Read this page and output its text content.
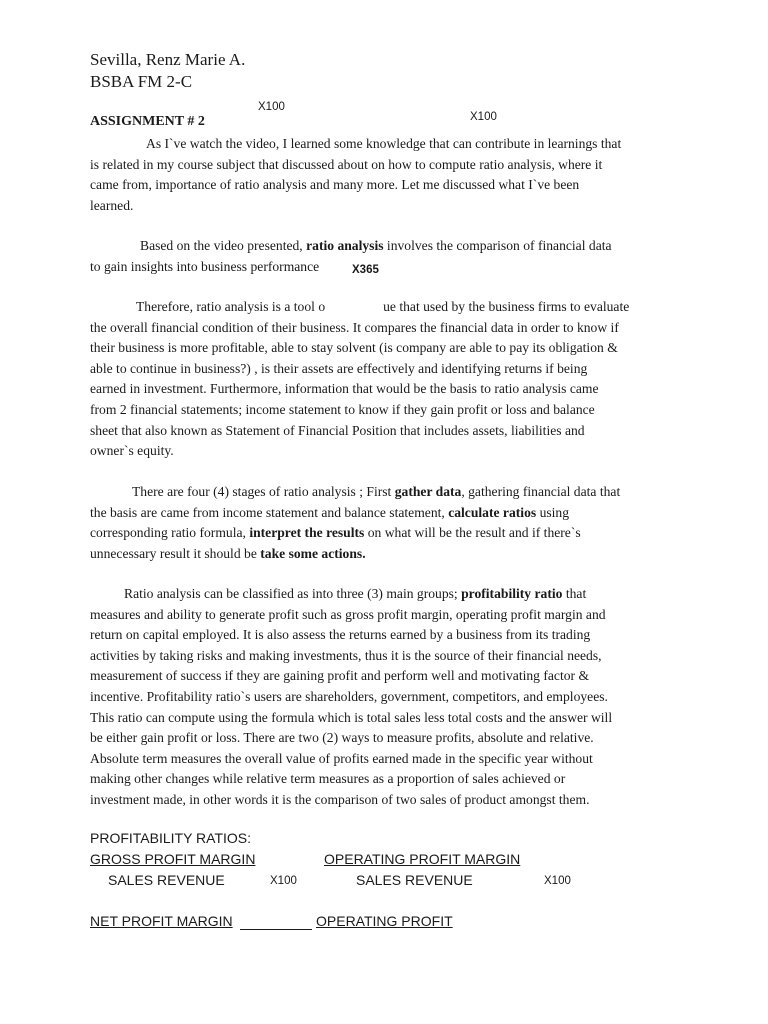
Sevilla, Renz Marie A.
BSBA FM 2-C
ASSIGNMENT # 2
As I`ve watch the video, I learned some knowledge that can contribute in learnings that
is related in my course subject that discussed about on how to compute ratio analysis, where it
came from, importance of ratio analysis and many more. Let me discussed what I`ve been
learned.
Based on the video presented, ratio analysis involves the comparison of financial data
to gain insights into business performance
Therefore, ratio analysis is a tool o	ue that used by the business firms to evaluate
the overall financial condition of their business. It compares the financial data in order to know if
their business is more profitable, able to stay solvent (is company are able to pay its obligation &
able to continue in business?) , is their assets are effectively and identifying returns if being
earned in investment. Furthermore, information that would be the basis to ratio analysis came
from 2 financial statements; income statement to know if they gain profit or loss and balance
sheet that also known as Statement of Financial Position that includes assets, liabilities and
owner`s equity.
There are four (4) stages of ratio analysis ; First gather data, gathering financial data that
the basis are came from income statement and balance statement, calculate ratios using
corresponding ratio formula, interpret the results on what will be the result and if there`s
unnecessary result it should be take some actions.
Ratio analysis can be classified as into three (3) main groups; profitability ratio that
measures and ability to generate profit such as gross profit margin, operating profit margin and
return on capital employed. It is also assess the returns earned by a business from its trading
activities by taking risks and making investments, thus it is the source of their financial needs,
measurement of success if they are gaining profit and perform well and motivating factor &
incentive. Profitability ratio`s users are shareholders, government, competitors, and employees.
This ratio can compute using the formula which is total sales less total costs and the answer will
be either gain profit or loss. There are two (2) ways to measure profits, absolute and relative.
Absolute term measures the overall value of profits earned made in the specific year without
making other changes while relative term measures as a proportion of sales achieved or
investment made, in other words it is the comparison of two sales of product amongst them.
X100
X100
X365
PROFITABILITY RATIOS:
GROSS PROFIT MARGIN	OPERATING PROFIT MARGIN
SALES REVENUE	X100	SALES REVENUE	X100
NET PROFIT MARGIN	OPERATING PROFIT
